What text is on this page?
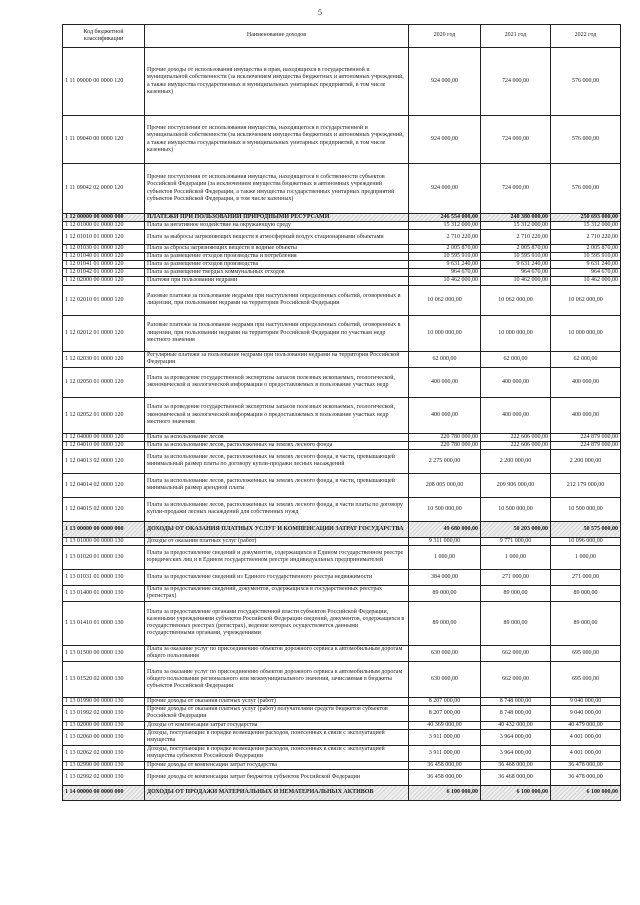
5
Код бюджетной классификации	Наименование доходов	2020 год	2021 год	2022 год
1 11 09000 00 0000 120	Прочие доходы от использования имущества и прав, находящихся в государственной и муниципальной собственности (за исключением имущества бюджетных и автономных учреждений, а также имущества государственных и муниципальных унитарных предприятий, в том числе казенных)	924 000,00	724 000,00	576 000,00
1 11 09040 00 0000 120	Прочие поступления от использования имущества, находящегося в государственной и муниципальной собственности (за исключением имущества бюджетных и автономных учреждений, а также имущества государственных и муниципальных унитарных предприятий, в том числе казенных)	924 000,00	724 000,00	576 000,00
1 11 09042 02 0000 120	Прочие поступления от использования имущества, находящегося в собственности субъектов Российской Федерации (за исключением имущества бюджетных и автономных учреждений субъектов Российской Федерации, а также имущества государственных унитарных предприятий субъектов Российской Федерации, в том числе казенных)	924 000,00	724 000,00	576 000,00
1 12 00000 00 0000 000	ПЛАТЕЖИ ПРИ ПОЛЬЗОВАНИИ ПРИРОДНЫМИ РЕСУРСАМИ	246 554 000,00	248 380 000,00	250 693 000,00
1 12 01000 01 0000 120	Плата за негативное воздействие на окружающую среду	15 312 000,00	15 312 000,00	15 312 000,00
1 12 01010 01 0000 120	Плата за выбросы загрязняющих веществ в атмосферный воздух стационарными объектами	2 710 220,00	2 710 220,00	2 710 220,00
1 12 01030 01 0000 120	Плата за сбросы загрязняющих веществ в водные объекты	2 005 870,00	2 005 870,00	2 005 870,00
1 12 01040 01 0000 120	Плата за размещение отходов производства и потребления	10 595 910,00	10 595 910,00	10 595 910,00
1 12 01041 01 0000 120	Плата за размещение отходов производства	9 631 240,00	9 631 240,00	9 631 240,00
1 12 01042 01 0000 120	Плата за размещение твердых коммунальных отходов	964 670,00	964 670,00	964 670,00
1 12 02000 00 0000 120	Платежи при пользовании недрами	10 462 000,00	10 462 000,00	10 462 000,00
1 12 02010 01 0000 120	Разовые платежи за пользование недрами при наступлении определенных событий, оговоренных в лицензии, при пользовании недрами на территории Российской Федерации	10 062 000,00	10 062 000,00	10 062 000,00
1 12 02012 01 0000 120	Разовые платежи за пользование недрами при наступлении определенных событий, оговоренных в лицензии, при пользовании недрами на территории Российской Федерации по участкам недр местного значения	10 000 000,00	10 000 000,00	10 000 000,00
1 12 02030 01 0000 120	Регулярные платежи за пользование недрами при пользовании недрами на территории Российской Федерации	62 000,00	62 000,00	62 000,00
1 12 02050 01 0000 120	Плата за проведение государственной экспертизы запасов полезных ископаемых, геологической, экономической и экологической информации о предоставляемых в пользование участках недр	400 000,00	400 000,00	400 000,00
1 12 02052 01 0000 120	Плата за проведение государственной экспертизы запасов полезных ископаемых, геологической, экономической и экологической информации о предоставляемых в пользование участках недр местного значения	400 000,00	400 000,00	400 000,00
1 12 04000 00 0000 120	Плата за использование лесов	220 780 000,00	222 606 000,00	224 879 000,00
1 12 04010 00 0000 120	Плата за использование лесов, расположенных на землях лесного фонда	220 780 000,00	222 606 000,00	224 879 000,00
1 12 04013 02 0000 120	Плата за использование лесов, расположенных на землях лесного фонда, в части, превышающей минимальный размер платы по договору купли-продажи лесных насаждений	2 275 000,00	2 200 000,00	2 200 000,00
1 12 04014 02 0000 120	Плата за использование лесов, расположенных на землях лесного фонда, в части, превышающей минимальный размер арендной платы	208 005 000,00	209 906 000,00	212 179 000,00
1 12 04015 02 0000 120	Плата за использование лесов, расположенных на землях лесного фонда, в части платы по договору купли-продажи лесных насаждений для собственных нужд	10 500 000,00	10 500 000,00	10 500 000,00
1 13 00000 00 0000 000	ДОХОДЫ ОТ ОКАЗАНИЯ ПЛАТНЫХ УСЛУГ И КОМПЕНСАЦИИ ЗАТРАТ ГОСУДАРСТВА	49 680 000,00	50 203 000,00	50 575 000,00
1 13 01000 00 0000 130	Доходы от оказания платных услуг (работ)	9 311 000,00	9 771 000,00	10 096 000,00
1 13 01020 01 0000 130	Плата за предоставление сведений и документов, содержащихся в Едином государственном реестре юридических лиц и в Едином государственном реестре индивидуальных предпринимателей	1 000,00	1 000,00	1 000,00
1 13 01031 01 0000 130	Плата за предоставление сведений из Единого государственного реестра недвижимости	384 000,00	271 000,00	271 000,00
1 13 01400 01 0000 130	Плата за предоставление сведений, документов, содержащихся в государственных реестрах (регистрах)	89 000,00	89 000,00	89 000,00
1 13 01410 01 0000 130	Плата за предоставление органами государственной власти субъектов Российской Федерации, казенными учреждениями субъектов Российской Федерации сведений, документов, содержащихся в государственных реестрах (регистрах), ведение которых осуществляется данными государственными органами, учреждениями	89 000,00	89 000,00	89 000,00
1 13 01500 00 0000 130	Плата за оказание услуг по присоединению объектов дорожного сервиса к автомобильным дорогам общего пользования	630 000,00	662 000,00	695 000,00
1 13 01520 02 0000 130	Плата за оказание услуг по присоединению объектов дорожного сервиса к автомобильным дорогам общего пользования регионального или межмуниципального значения, зачисляемая в бюджеты субъектов Российской Федерации	630 000,00	662 000,00	695 000,00
1 13 01990 00 0000 130	Прочие доходы от оказания платных услуг (работ)	8 207 000,00	8 748 000,00	9 040 000,00
1 13 01992 02 0000 130	Прочие доходы от оказания платных услуг (работ) получателями средств бюджетов субъектов Российской Федерации	8 207 000,00	8 748 000,00	9 040 000,00
1 13 02000 00 0000 130	Доходы от компенсации затрат государства	40 369 000,00	40 432 000,00	40 479 000,00
1 13 02060 00 0000 130	Доходы, поступающие в порядке возмещения расходов, понесенных в связи с эксплуатацией имущества	3 911 000,00	3 964 000,00	4 001 000,00
1 13 02062 02 0000 130	Доходы, поступающие в порядке возмещения расходов, понесенных в связи с эксплуатацией имущества субъектов Российской Федерации	3 911 000,00	3 964 000,00	4 001 000,00
1 13 02990 00 0000 130	Прочие доходы от компенсации затрат государства	36 458 000,00	36 468 000,00	36 478 000,00
1 13 02992 02 0000 130	Прочие доходы от компенсации затрат бюджетов субъектов Российской Федерации	36 458 000,00	36 468 000,00	36 478 000,00
1 14 00000 00 0000 000	ДОХОДЫ ОТ ПРОДАЖИ МАТЕРИАЛЬНЫХ И НЕМАТЕРИАЛЬНЫХ АКТИВОВ	6 100 000,00	6 100 000,00	6 100 000,00
